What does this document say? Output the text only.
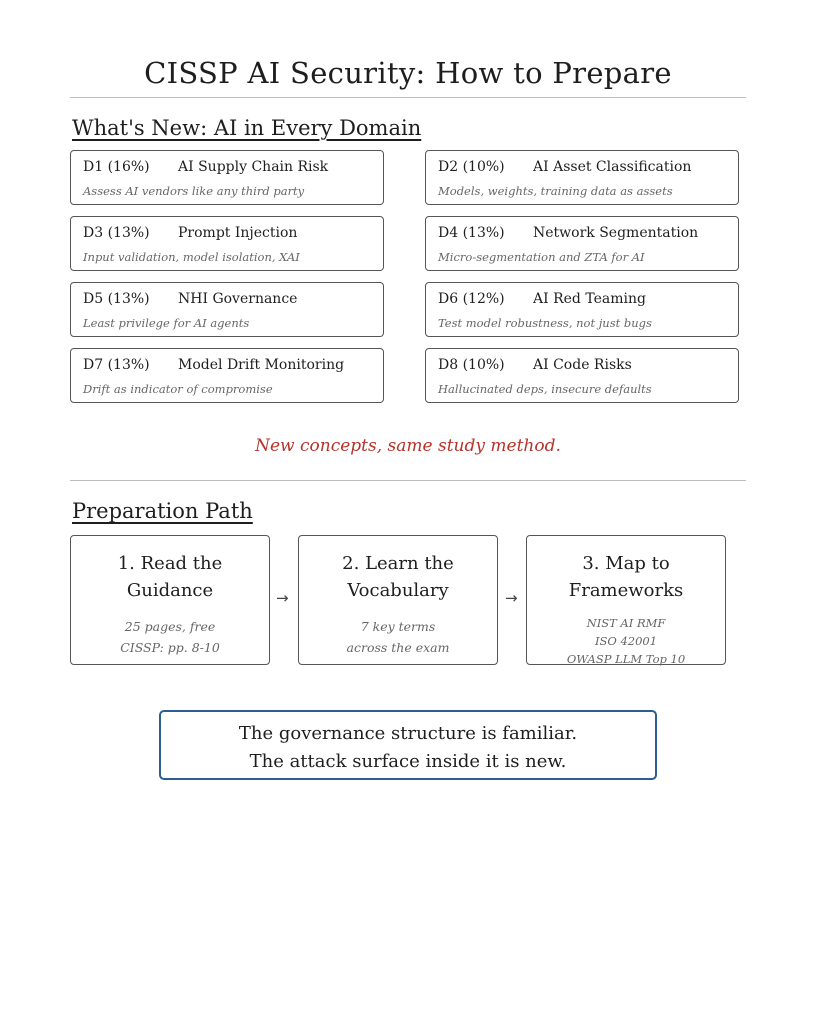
CISSP AI Security: How to Prepare
What's New: AI in Every Domain
D1 (16%) AI Supply Chain Risk
Assess AI vendors like any third party
D2 (10%) AI Asset Classification
Models, weights, training data as assets
D3 (13%) Prompt Injection
Input validation, model isolation, XAI
D4 (13%) Network Segmentation
Micro-segmentation and ZTA for AI
D5 (13%) NHI Governance
Least privilege for AI agents
D6 (12%) AI Red Teaming
Test model robustness, not just bugs
D7 (13%) Model Drift Monitoring
Drift as indicator of compromise
D8 (10%) AI Code Risks
Hallucinated deps, insecure defaults
New concepts, same study method.
Preparation Path
1. Read the
Guidance
25 pages, free
CISSP: pp. 8-10
→
2. Learn the
Vocabulary
7 key terms
across the exam
→
3. Map to
Frameworks
NIST AI RMF
ISO 42001
OWASP LLM Top 10
The governance structure is familiar.
The attack surface inside it is new.
